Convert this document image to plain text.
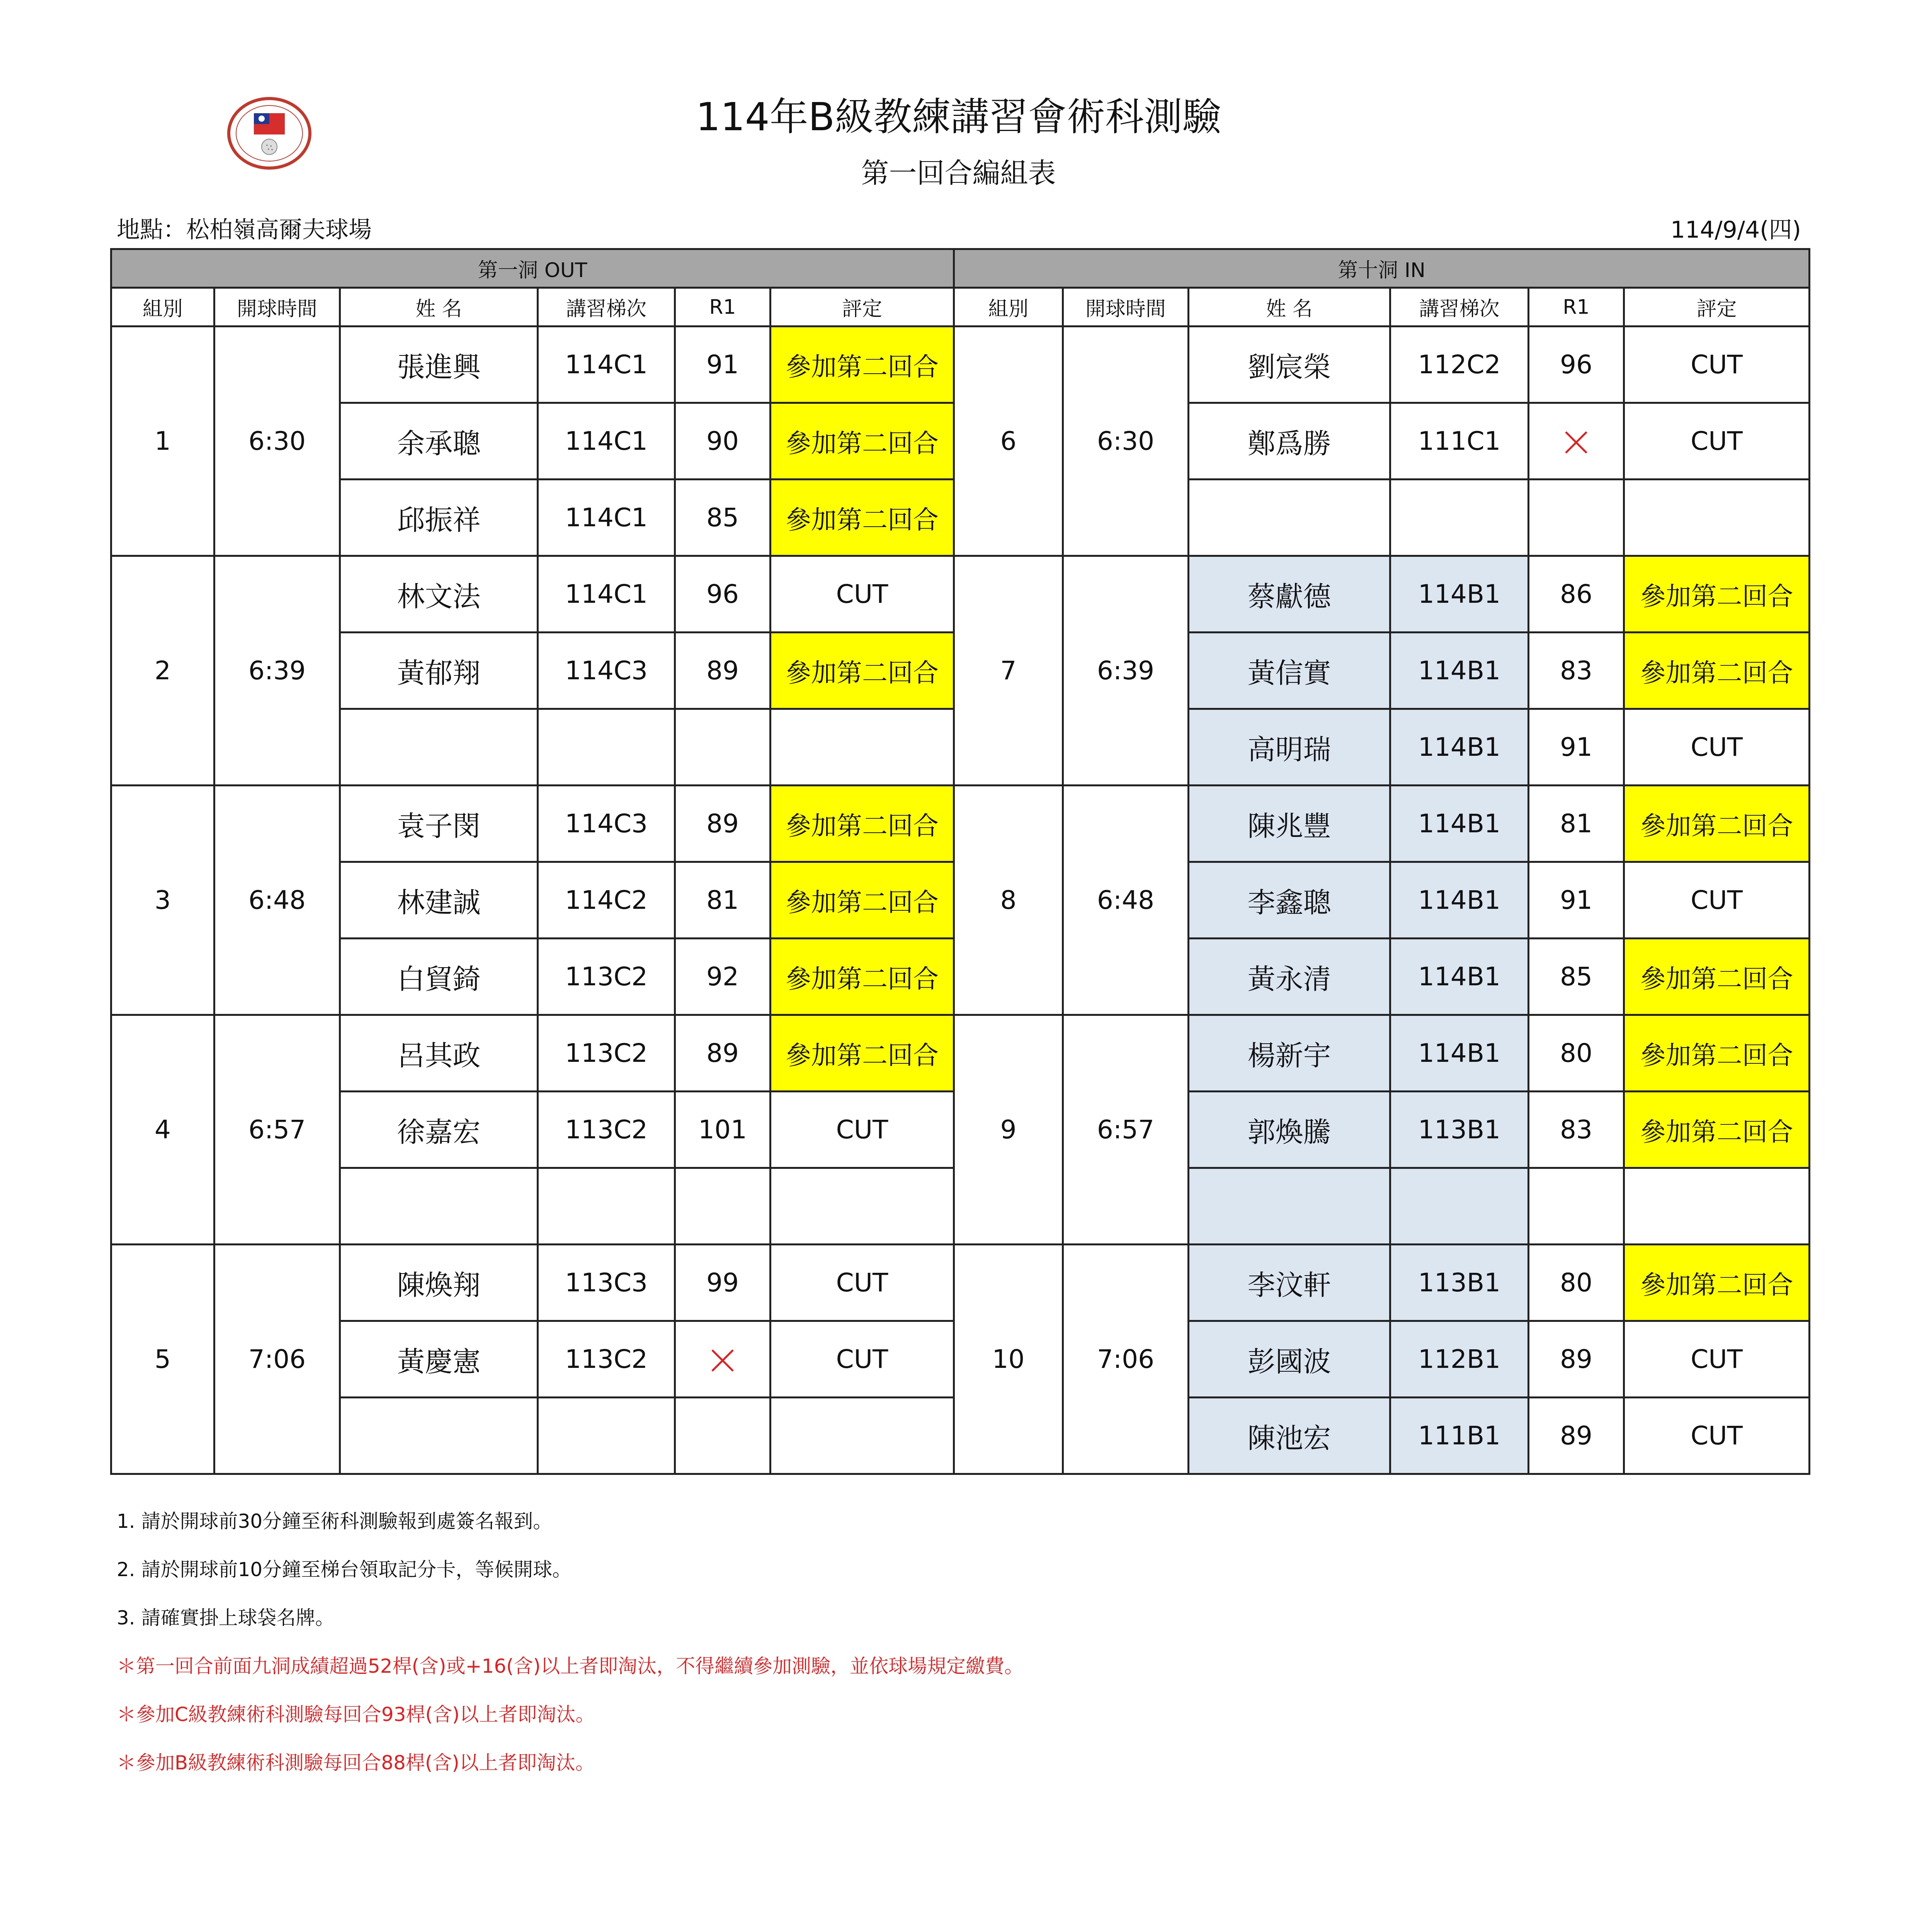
114年B級教練講習會術科測驗
第一回合編組表
地點：松柏嶺高爾夫球場	114/9/4(四)
第一洞 OUT						第十洞 IN					
組別	開球時間	姓 名	講習梯次	R1	評定	組別	開球時間	姓 名	講習梯次	R1	評定
1	6:30	張進興	114C1	91	參加第二回合	6	6:30	劉宸榮	112C2	96	CUT
		余承聰	114C1	90	參加第二回合			鄭爲勝	111C1		CUT
		邱振祥	114C1	85	參加第二回合						
2	6:39	林文法	114C1	96	CUT	7	6:39	蔡獻德	114B1	86	參加第二回合
		黃郁翔	114C3	89	參加第二回合			黃信實	114B1	83	參加第二回合
								高明瑞	114B1	91	CUT
3	6:48	袁子閔	114C3	89	參加第二回合	8	6:48	陳兆豐	114B1	81	參加第二回合
		林建誠	114C2	81	參加第二回合			李鑫聰	114B1	91	CUT
		白貿錡	113C2	92	參加第二回合			黃永清	114B1	85	參加第二回合
4	6:57	呂其政	113C2	89	參加第二回合	9	6:57	楊新宇	114B1	80	參加第二回合
		徐嘉宏	113C2	101	CUT			郭煥騰	113B1	83	參加第二回合

5	7:06	陳煥翔	113C3	99	CUT	10	7:06	李汶軒	113B1	80	參加第二回合
		黃慶憲	113C2		CUT			彭國波	112B1	89	CUT
								陳池宏	111B1	89	CUT
1. 請於開球前30分鐘至術科測驗報到處簽名報到。
2. 請於開球前10分鐘至梯台領取記分卡，等候開球。
3. 請確實掛上球袋名牌。
＊第一回合前面九洞成績超過52桿(含)或+16(含)以上者即淘汰，不得繼續參加測驗，並依球場規定繳費。
＊參加C級教練術科測驗每回合93桿(含)以上者即淘汰。
＊參加B級教練術科測驗每回合88桿(含)以上者即淘汰。
